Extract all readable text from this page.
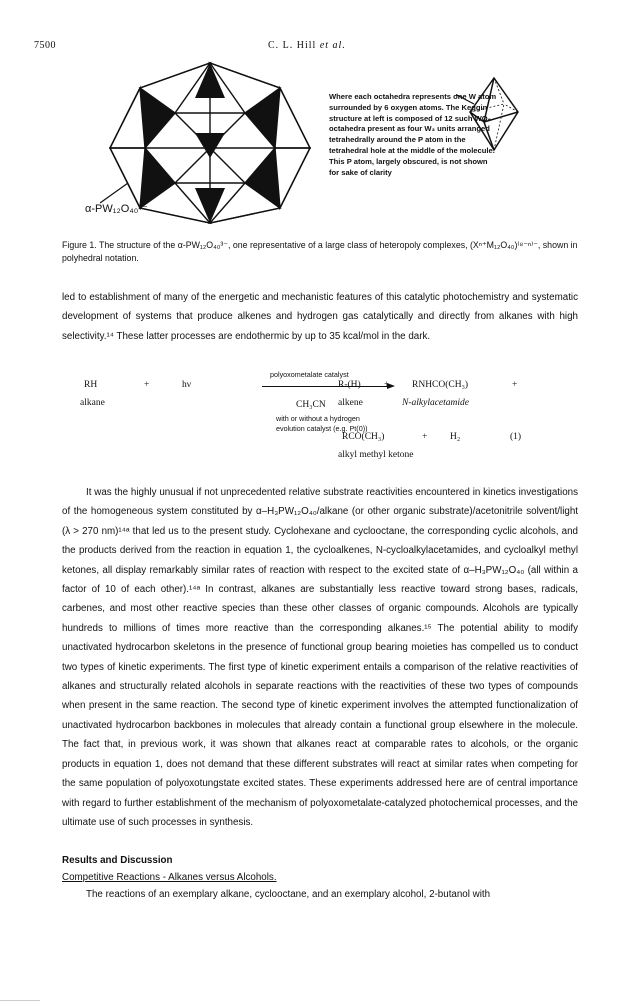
7500	C. L. Hill et al.
α-PW₁₂O₄₀³⁻
Where each octahedra represents one W atom surrounded by 6 oxygen atoms. The Keggin structure at left is composed of 12 such WO₆ octahedra present as four W₃ units arranged tetrahedrally around the P atom in the tetrahedral hole at the middle of the molecule. This P atom, largely obscured, is not shown for sake of clarity
Figure 1. The structure of the α-PW₁₂O₄₀³⁻, one representative of a large class of heteropoly complexes, (Xⁿ⁺M₁₂O₄₀)⁽⁸⁻ⁿ⁾⁻, shown in polyhedral notation.
led to establishment of many of the energetic and mechanistic features of this catalytic photochemistry and systematic development of systems that produce alkenes and hydrogen gas catalytically and directly from alkanes with high selectivity.¹⁴ These latter processes are endothermic by up to 35 kcal/mol in the dark.
polyoxometalate catalyst
RH	+	hν
alkane	CH₃CN
with or without a hydrogen evolution catalyst (e.g. Pt(0))
R-(H) + RNHCO(CH₃)	+
alkene	N-alkylacetamide
RCO(CH₃)	+ H₂	(1)
alkyl methyl ketone
It was the highly unusual if not unprecedented relative substrate reactivities encountered in kinetics investigations of the homogeneous system constituted by α–H₃PW₁₂O₄₀/alkane (or other organic substrate)/acetonitrile solvent/light (λ > 270 nm)¹⁴ᵃ that led us to the present study. Cyclohexane and cyclooctane, the corresponding cyclic alcohols, and the products derived from the reaction in equation 1, the cycloalkenes, N-cycloalkylacetamides, and cycloalkyl methyl ketones, all display remarkably similar rates of reaction with respect to the excited state of α–H₃PW₁₂O₄₀ (all within a factor of 10 of each other).¹⁴ᵃ In contrast, alkanes are substantially less reactive toward strong bases, radicals, carbenes, and most other reactive species than these other classes of organic compounds. Alcohols are typically hundreds to millions of times more reactive than the corresponding alkanes.¹⁵ The potential ability to modify unactivated hydrocarbon skeletons in the presence of functional group bearing moieties has compelled us to conduct two types of kinetic experiments. The first type of kinetic experiment entails a comparison of the relative reactivities of alkanes and structurally related alcohols in separate reactions with the reactivities of these two types of compounds when present in the same reaction. The second type of kinetic experiment involves the attempted functionalization of unactivated hydrocarbon backbones in molecules that already contain a functional group elsewhere in the molecule. The fact that, in previous work, it was shown that alkanes react at comparable rates to alcohols, or the organic products in equation 1, does not demand that these different substrates will react at similar rates when competing for the same population of polyoxotungstate excited states. These experiments addressed here are of central importance with regard to further establishment of the mechanism of polyoxometalate-catalyzed photochemical processes, and the ultimate use of such processes in synthesis.
Results and Discussion
Competitive Reactions - Alkanes versus Alcohols.
The reactions of an exemplary alkane, cyclooctane, and an exemplary alcohol, 2-butanol with
